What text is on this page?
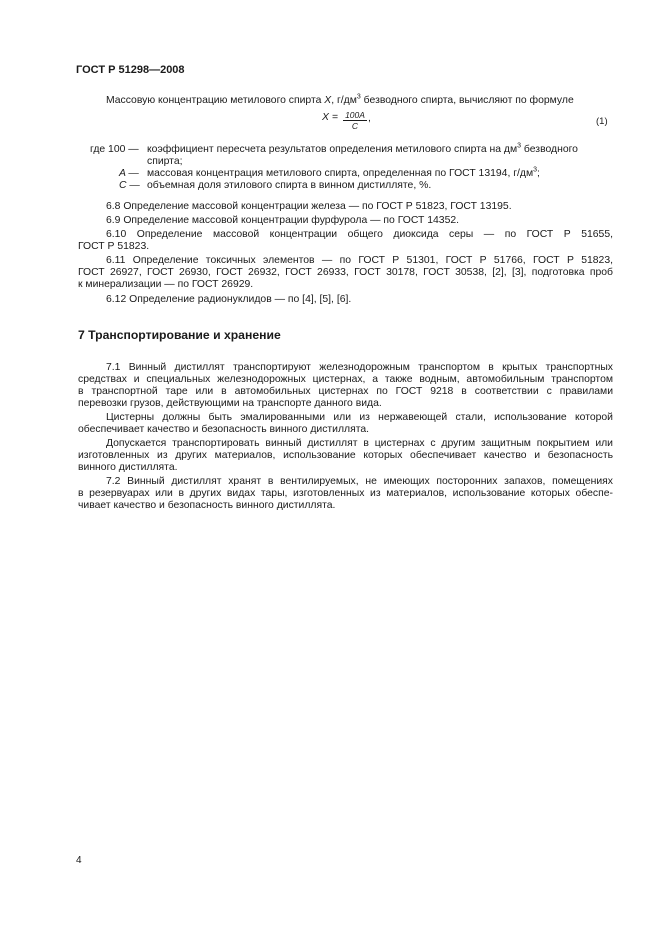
ГОСТ Р 51298—2008
Массовую концентрацию метилового спирта X, $г/дм^3$ безводного спирта, вычисляют по формуле
$X = \frac{100A}{C}$ ,	(1)
где 100 — коэффициент пересчета результатов определения метилового спирта на $дм^3$ безводного
спирта;
A — массовая концентрация метилового спирта, определенная по ГОСТ 13194, $г/дм^3$;
C — объемная доля этилового спирта в винном дистилляте, %.
6.8 Определение массовой концентрации железа — по ГОСТ Р 51823, ГОСТ 13195.
6.9 Определение массовой концентрации фурфурола — по ГОСТ 14352.
6.10 Определение массовой концентрации общего диоксида серы — по ГОСТ Р 51655,
ГОСТ Р 51823.
6.11 Определение токсичных элементов — по ГОСТ Р 51301, ГОСТ Р 51766, ГОСТ Р 51823,
ГОСТ 26927, ГОСТ 26930, ГОСТ 26932, ГОСТ 26933, ГОСТ 30178, ГОСТ 30538, [2], [3], подготовка проб
к минерализации — по ГОСТ 26929.
6.12 Определение радионуклидов — по [4], [5], [6].
7 Транспортирование и хранение
7.1 Винный дистиллят транспортируют железнодорожным транспортом в крытых транспортных
средствах и специальных железнодорожных цистернах, а также водным, автомобильным транспортом
в транспортной таре или в автомобильных цистернах по ГОСТ 9218 в соответствии с правилами
перевозки грузов, действующими на транспорте данного вида.
Цистерны должны быть эмалированными или из нержавеющей стали, использование которой
обеспечивает качество и безопасность винного дистиллята.
Допускается транспортировать винный дистиллят в цистернах с другим защитным покрытием или
изготовленных из других материалов, использование которых обеспечивает качество и безопасность
винного дистиллята.
7.2 Винный дистиллят хранят в вентилируемых, не имеющих посторонних запахов, помещениях
в резервуарах или в других видах тары, изготовленных из материалов, использование которых обеспе-
чивает качество и безопасность винного дистиллята.
4
